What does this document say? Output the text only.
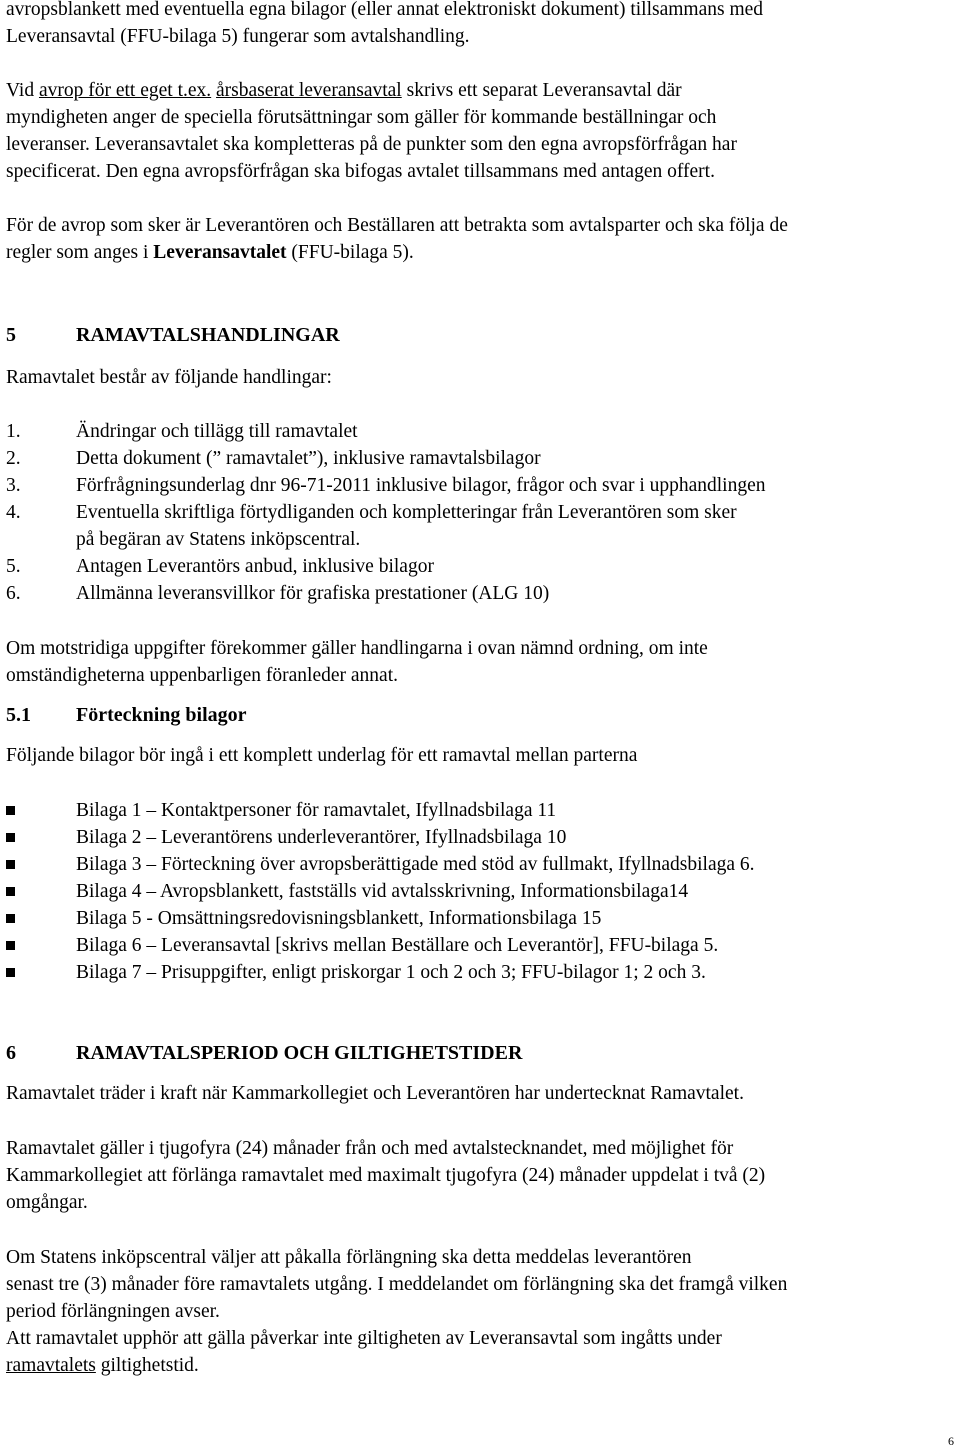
avropsblankett med eventuella egna bilagor (eller annat elektroniskt dokument) tillsammans med
Leveransavtal (FFU-bilaga 5) fungerar som avtalshandling.
Vid avrop för ett eget t.ex. årsbaserat leveransavtal skrivs ett separat Leveransavtal där
myndigheten anger de speciella förutsättningar som gäller för kommande beställningar och
leveranser. Leveransavtalet ska kompletteras på de punkter som den egna avropsförfrågan har
specificerat. Den egna avropsförfrågan ska bifogas avtalet tillsammans med antagen offert.
För de avrop som sker är Leverantören och Beställaren att betrakta som avtalsparter och ska följa de
regler som anges i Leveransavtalet (FFU-bilaga 5).
5	RAMAVTALSHANDLINGAR
Ramavtalet består av följande handlingar:
1.	Ändringar och tillägg till ramavtalet
2.	Detta dokument (” ramavtalet”), inklusive ramavtalsbilagor
3.	Förfrågningsunderlag dnr 96-71-2011 inklusive bilagor, frågor och svar i upphandlingen
4.	Eventuella skriftliga förtydliganden och kompletteringar från Leverantören som sker
på begäran av Statens inköpscentral.
5.	Antagen Leverantörs anbud, inklusive bilagor
6.	Allmänna leveransvillkor för grafiska prestationer (ALG 10)
Om motstridiga uppgifter förekommer gäller handlingarna i ovan nämnd ordning, om inte
omständigheterna uppenbarligen föranleder annat.
5.1 Förteckning bilagor
Följande bilagor bör ingå i ett komplett underlag för ett ramavtal mellan parterna
Bilaga 1 – Kontaktpersoner för ramavtalet, Ifyllnadsbilaga 11
Bilaga 2 – Leverantörens underleverantörer, Ifyllnadsbilaga 10
Bilaga 3 – Förteckning över avropsberättigade med stöd av fullmakt, Ifyllnadsbilaga 6.
Bilaga 4 – Avropsblankett, fastställs vid avtalsskrivning, Informationsbilaga14
Bilaga 5 - Omsättningsredovisningsblankett, Informationsbilaga 15
Bilaga 6 – Leveransavtal [skrivs mellan Beställare och Leverantör], FFU-bilaga 5.
Bilaga 7 – Prisuppgifter, enligt priskorgar 1 och 2 och 3; FFU-bilagor 1; 2 och 3.
6	RAMAVTALSPERIOD OCH GILTIGHETSTIDER
Ramavtalet träder i kraft när Kammarkollegiet och Leverantören har undertecknat Ramavtalet.
Ramavtalet gäller i tjugofyra (24) månader från och med avtalstecknandet, med möjlighet för
Kammarkollegiet att förlänga ramavtalet med maximalt tjugofyra (24) månader uppdelat i två (2)
omgångar.
Om Statens inköpscentral väljer att påkalla förlängning ska detta meddelas leverantören
senast tre (3) månader före ramavtalets utgång. I meddelandet om förlängning ska det framgå vilken
period förlängningen avser.
Att ramavtalet upphör att gälla påverkar inte giltigheten av Leveransavtal som ingåtts under
ramavtalets giltighetstid.
6
